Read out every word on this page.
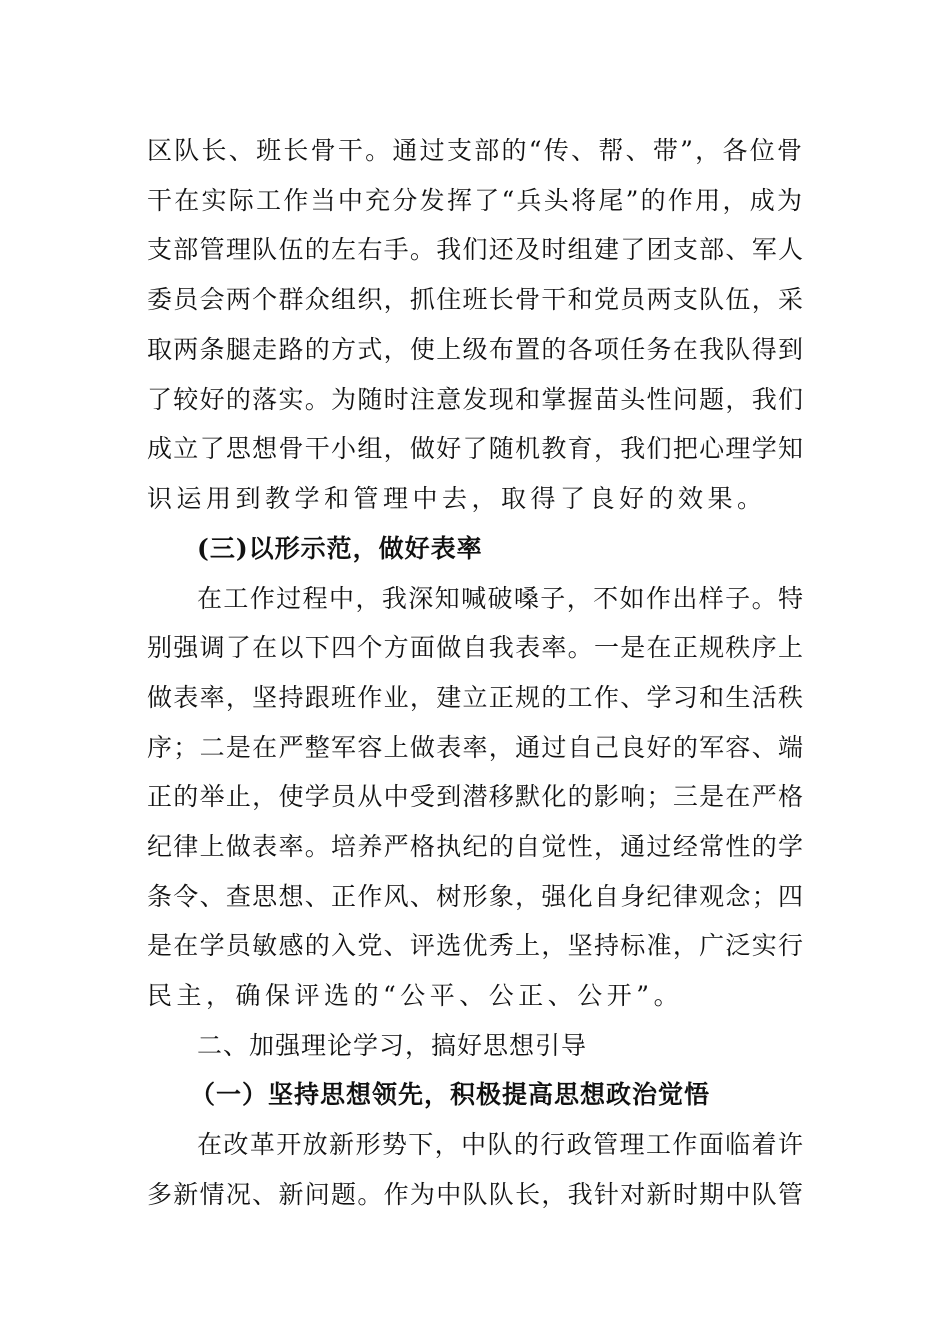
区队长、班长骨干。通过支部的“传、帮、带”，各位骨
干在实际工作当中充分发挥了“兵头将尾”的作用，成为
支部管理队伍的左右手。我们还及时组建了团支部、军人
委员会两个群众组织，抓住班长骨干和党员两支队伍，采
取两条腿走路的方式，使上级布置的各项任务在我队得到
了较好的落实。为随时注意发现和掌握苗头性问题，我们
成立了思想骨干小组，做好了随机教育，我们把心理学知
识运用到教学和管理中去，取得了良好的效果。
(三)以形示范，做好表率
在工作过程中，我深知喊破嗓子，不如作出样子。特
别强调了在以下四个方面做自我表率。一是在正规秩序上
做表率，坚持跟班作业，建立正规的工作、学习和生活秩
序；二是在严整军容上做表率，通过自己良好的军容、端
正的举止，使学员从中受到潜移默化的影响；三是在严格
纪律上做表率。培养严格执纪的自觉性，通过经常性的学
条令、查思想、正作风、树形象，强化自身纪律观念；四
是在学员敏感的入党、评选优秀上，坚持标准，广泛实行
民主，确保评选的“公平、公正、公开”。
二、加强理论学习，搞好思想引导
（一）坚持思想领先，积极提高思想政治觉悟
在改革开放新形势下，中队的行政管理工作面临着许
多新情况、新问题。作为中队队长，我针对新时期中队管
